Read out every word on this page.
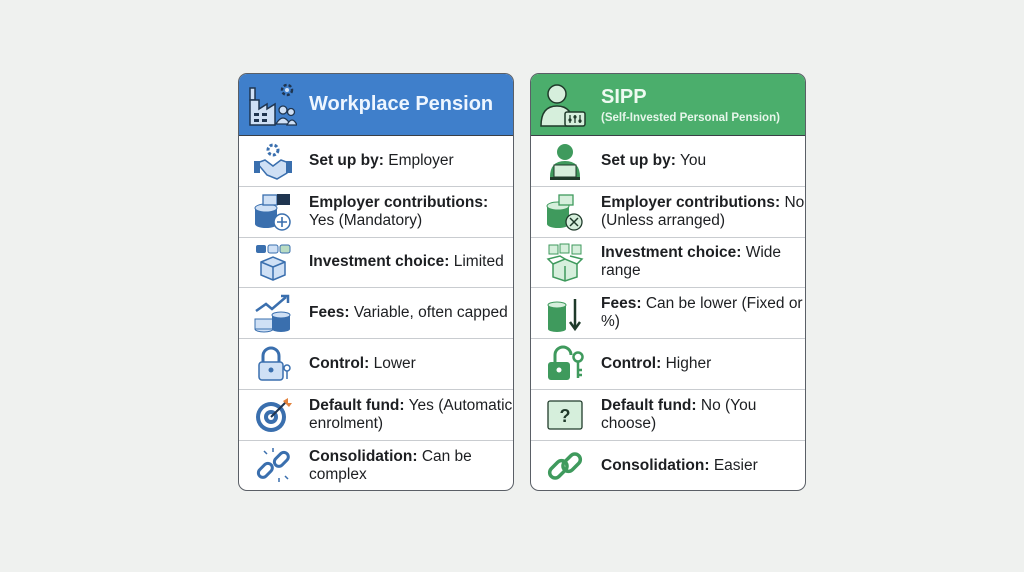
Workplace Pension
Set up by: Employer
Employer contributions: Yes (Mandatory)
Investment choice: Limited
Fees: Variable, often capped
Control: Lower
Default fund: Yes (Automatic enrolment)
Consolidation: Can be complex
SIPP
(Self-Invested Personal Pension)
Set up by: You
Employer contributions: No (Unless arranged)
Investment choice: Wide range
Fees: Can be lower (Fixed or %)
Control: Higher
?
Default fund: No (You choose)
Consolidation: Easier
